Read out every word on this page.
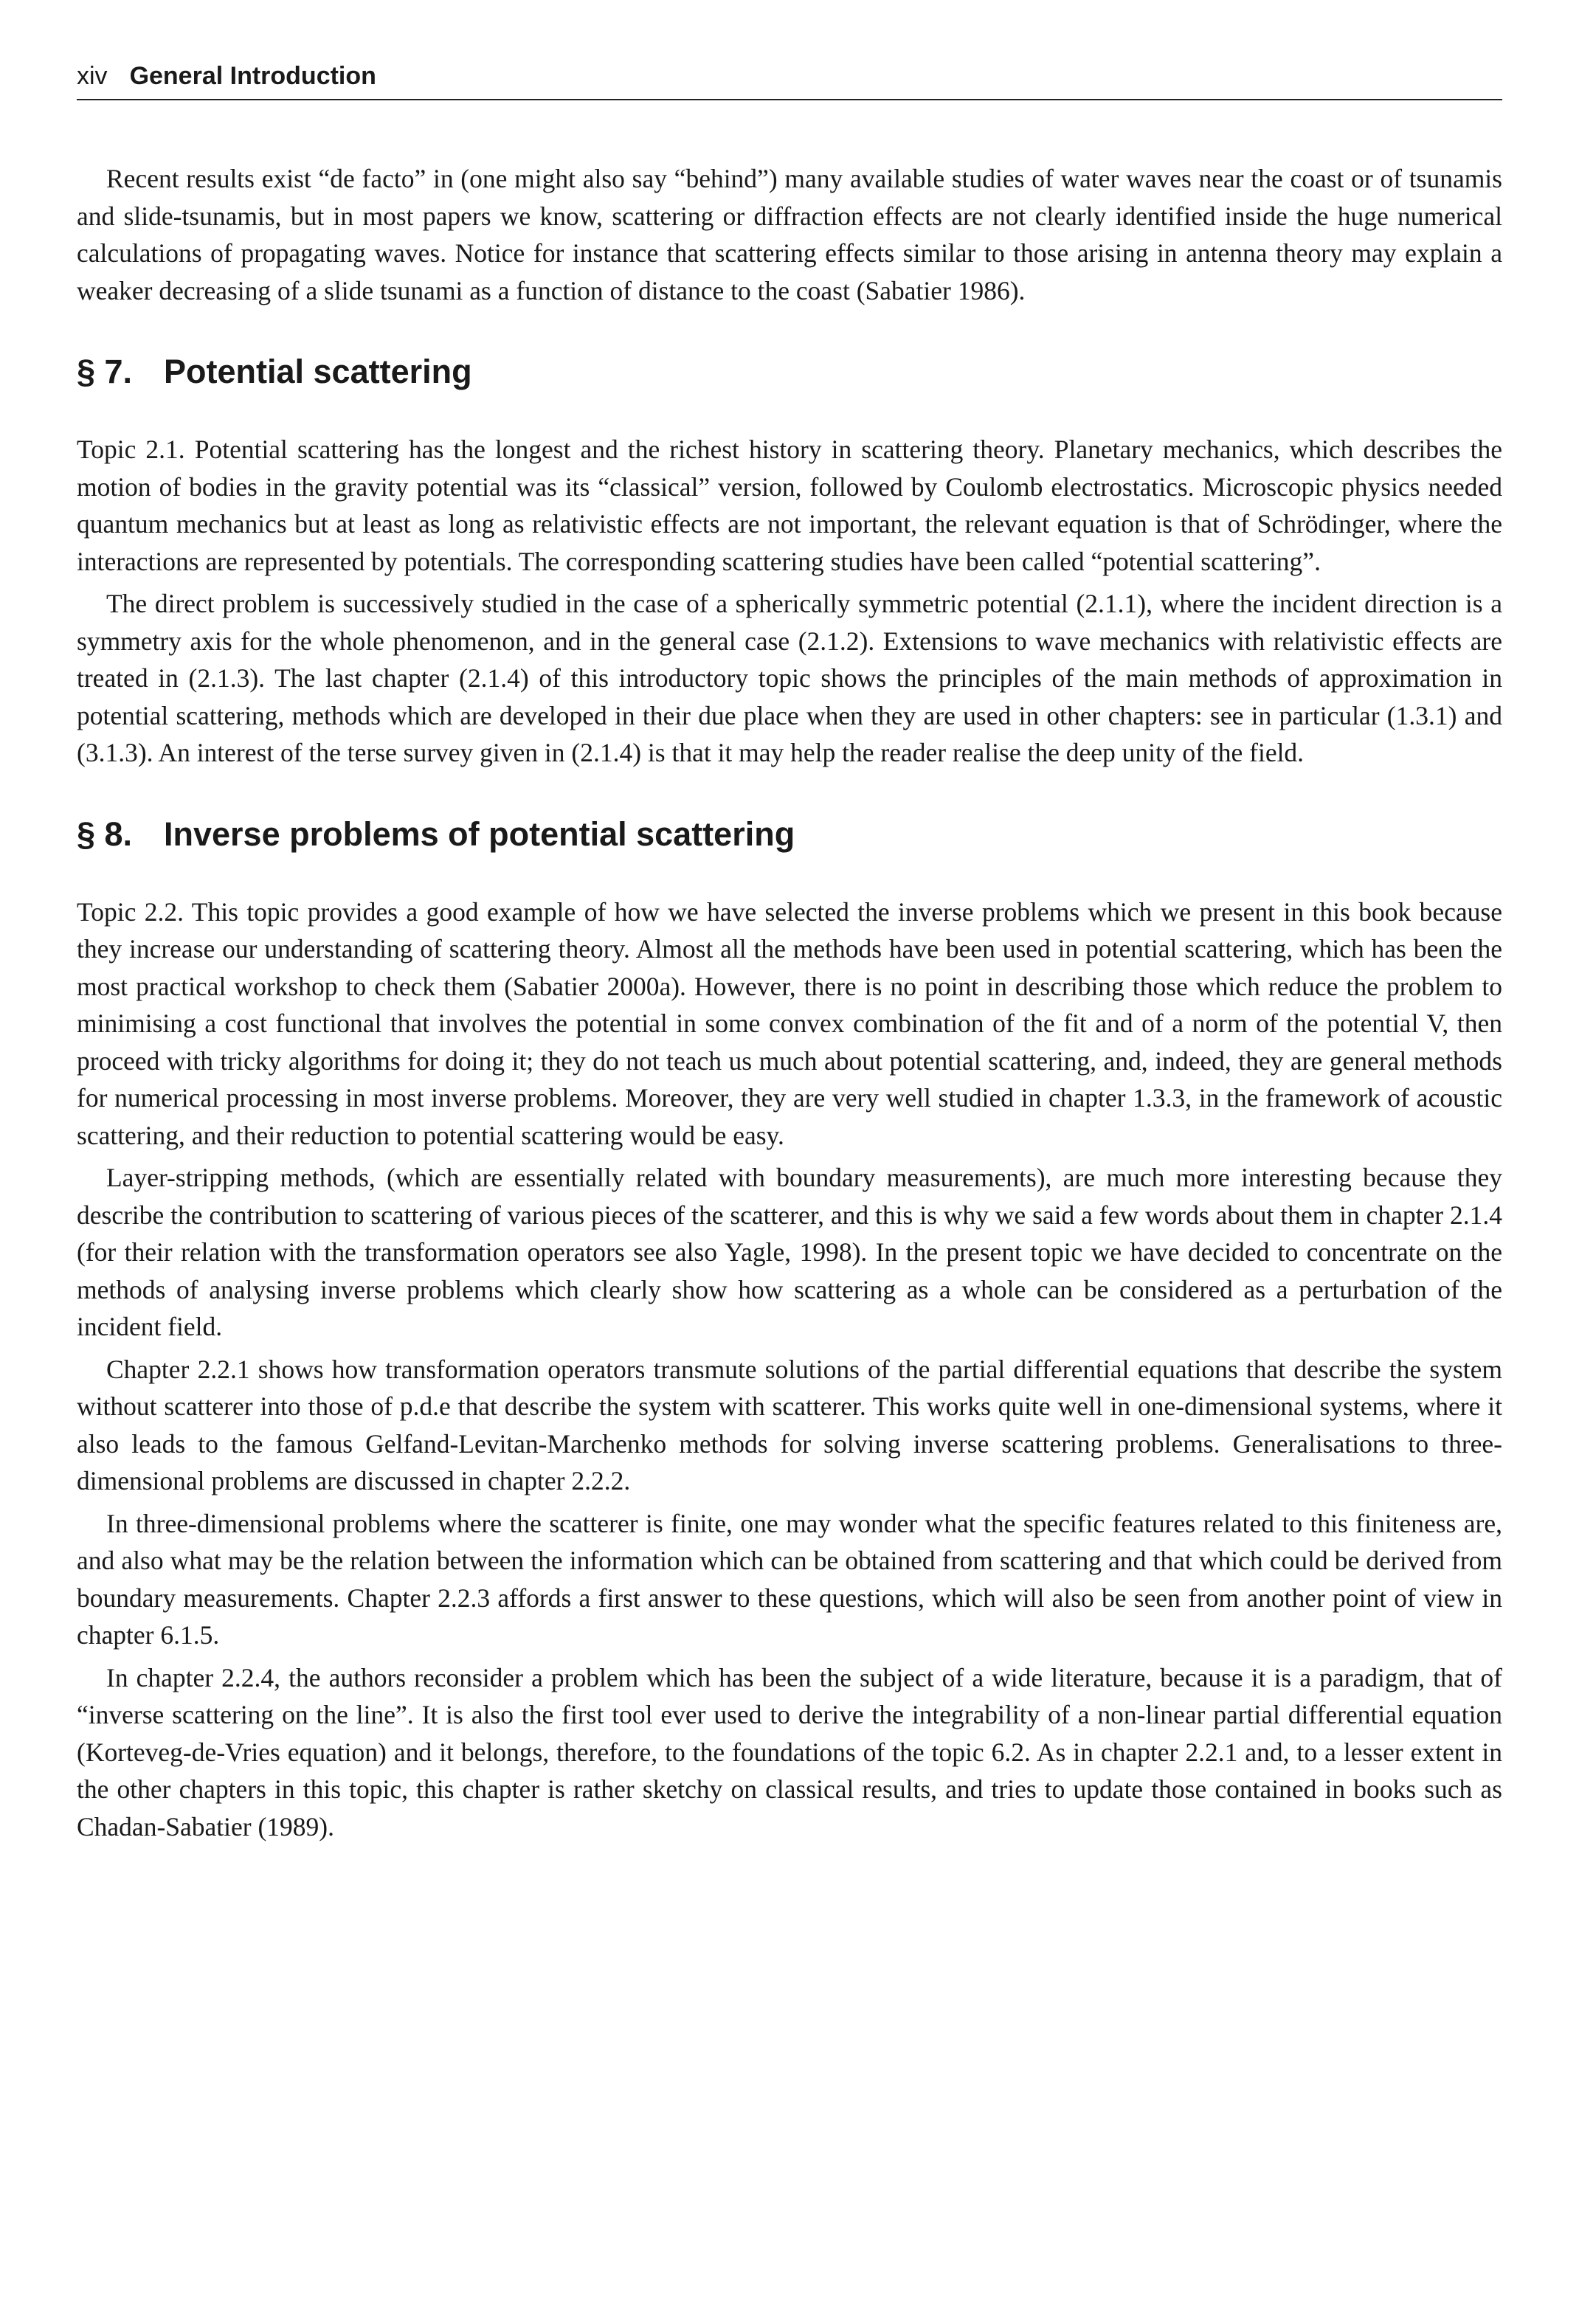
xiv General Introduction

Recent results exist “de facto” in (one might also say “behind”) many available studies of water waves near the coast or of tsunamis and slide-tsunamis, but in most papers we know, scattering or diffraction effects are not clearly identified inside the huge numerical calculations of propagating waves. Notice for instance that scattering effects similar to those arising in antenna theory may explain a weaker decreasing of a slide tsunami as a function of distance to the coast (Sabatier 1986).

§ 7. Potential scattering

Topic 2.1. Potential scattering has the longest and the richest history in scattering theory. Planetary mechanics, which describes the motion of bodies in the gravity potential was its “classical” version, followed by Coulomb electrostatics. Microscopic physics needed quantum mechanics but at least as long as relativistic effects are not important, the relevant equation is that of Schrödinger, where the interactions are represented by potentials. The corresponding scattering studies have been called “potential scattering”.

The direct problem is successively studied in the case of a spherically symmetric potential (2.1.1), where the incident direction is a symmetry axis for the whole phenomenon, and in the general case (2.1.2). Extensions to wave mechanics with relativistic effects are treated in (2.1.3). The last chapter (2.1.4) of this introductory topic shows the principles of the main methods of approximation in potential scattering, methods which are developed in their due place when they are used in other chapters: see in particular (1.3.1) and (3.1.3). An interest of the terse survey given in (2.1.4) is that it may help the reader realise the deep unity of the field.

§ 8. Inverse problems of potential scattering

Topic 2.2. This topic provides a good example of how we have selected the inverse problems which we present in this book because they increase our understanding of scattering theory. Almost all the methods have been used in potential scattering, which has been the most practical workshop to check them (Sabatier 2000a). However, there is no point in describing those which reduce the problem to minimising a cost functional that involves the potential in some convex combination of the fit and of a norm of the potential V, then proceed with tricky algorithms for doing it; they do not teach us much about potential scattering, and, indeed, they are general methods for numerical processing in most inverse problems. Moreover, they are very well studied in chapter 1.3.3, in the framework of acoustic scattering, and their reduction to potential scattering would be easy.

Layer-stripping methods, (which are essentially related with boundary measurements), are much more interesting because they describe the contribution to scattering of various pieces of the scatterer, and this is why we said a few words about them in chapter 2.1.4 (for their relation with the transformation operators see also Yagle, 1998). In the present topic we have decided to concentrate on the methods of analysing inverse problems which clearly show how scattering as a whole can be considered as a perturbation of the incident field.

Chapter 2.2.1 shows how transformation operators transmute solutions of the partial differential equations that describe the system without scatterer into those of p.d.e that describe the system with scatterer. This works quite well in one-dimensional systems, where it also leads to the famous Gelfand-Levitan-Marchenko methods for solving inverse scattering problems. Generalisations to three-dimensional problems are discussed in chapter 2.2.2.

In three-dimensional problems where the scatterer is finite, one may wonder what the specific features related to this finiteness are, and also what may be the relation between the information which can be obtained from scattering and that which could be derived from boundary measurements. Chapter 2.2.3 affords a first answer to these questions, which will also be seen from another point of view in chapter 6.1.5.

In chapter 2.2.4, the authors reconsider a problem which has been the subject of a wide literature, because it is a paradigm, that of “inverse scattering on the line”. It is also the first tool ever used to derive the integrability of a non-linear partial differential equation (Korteveg-de-Vries equation) and it belongs, therefore, to the foundations of the topic 6.2. As in chapter 2.2.1 and, to a lesser extent in the other chapters in this topic, this chapter is rather sketchy on classical results, and tries to update those contained in books such as Chadan-Sabatier (1989).
